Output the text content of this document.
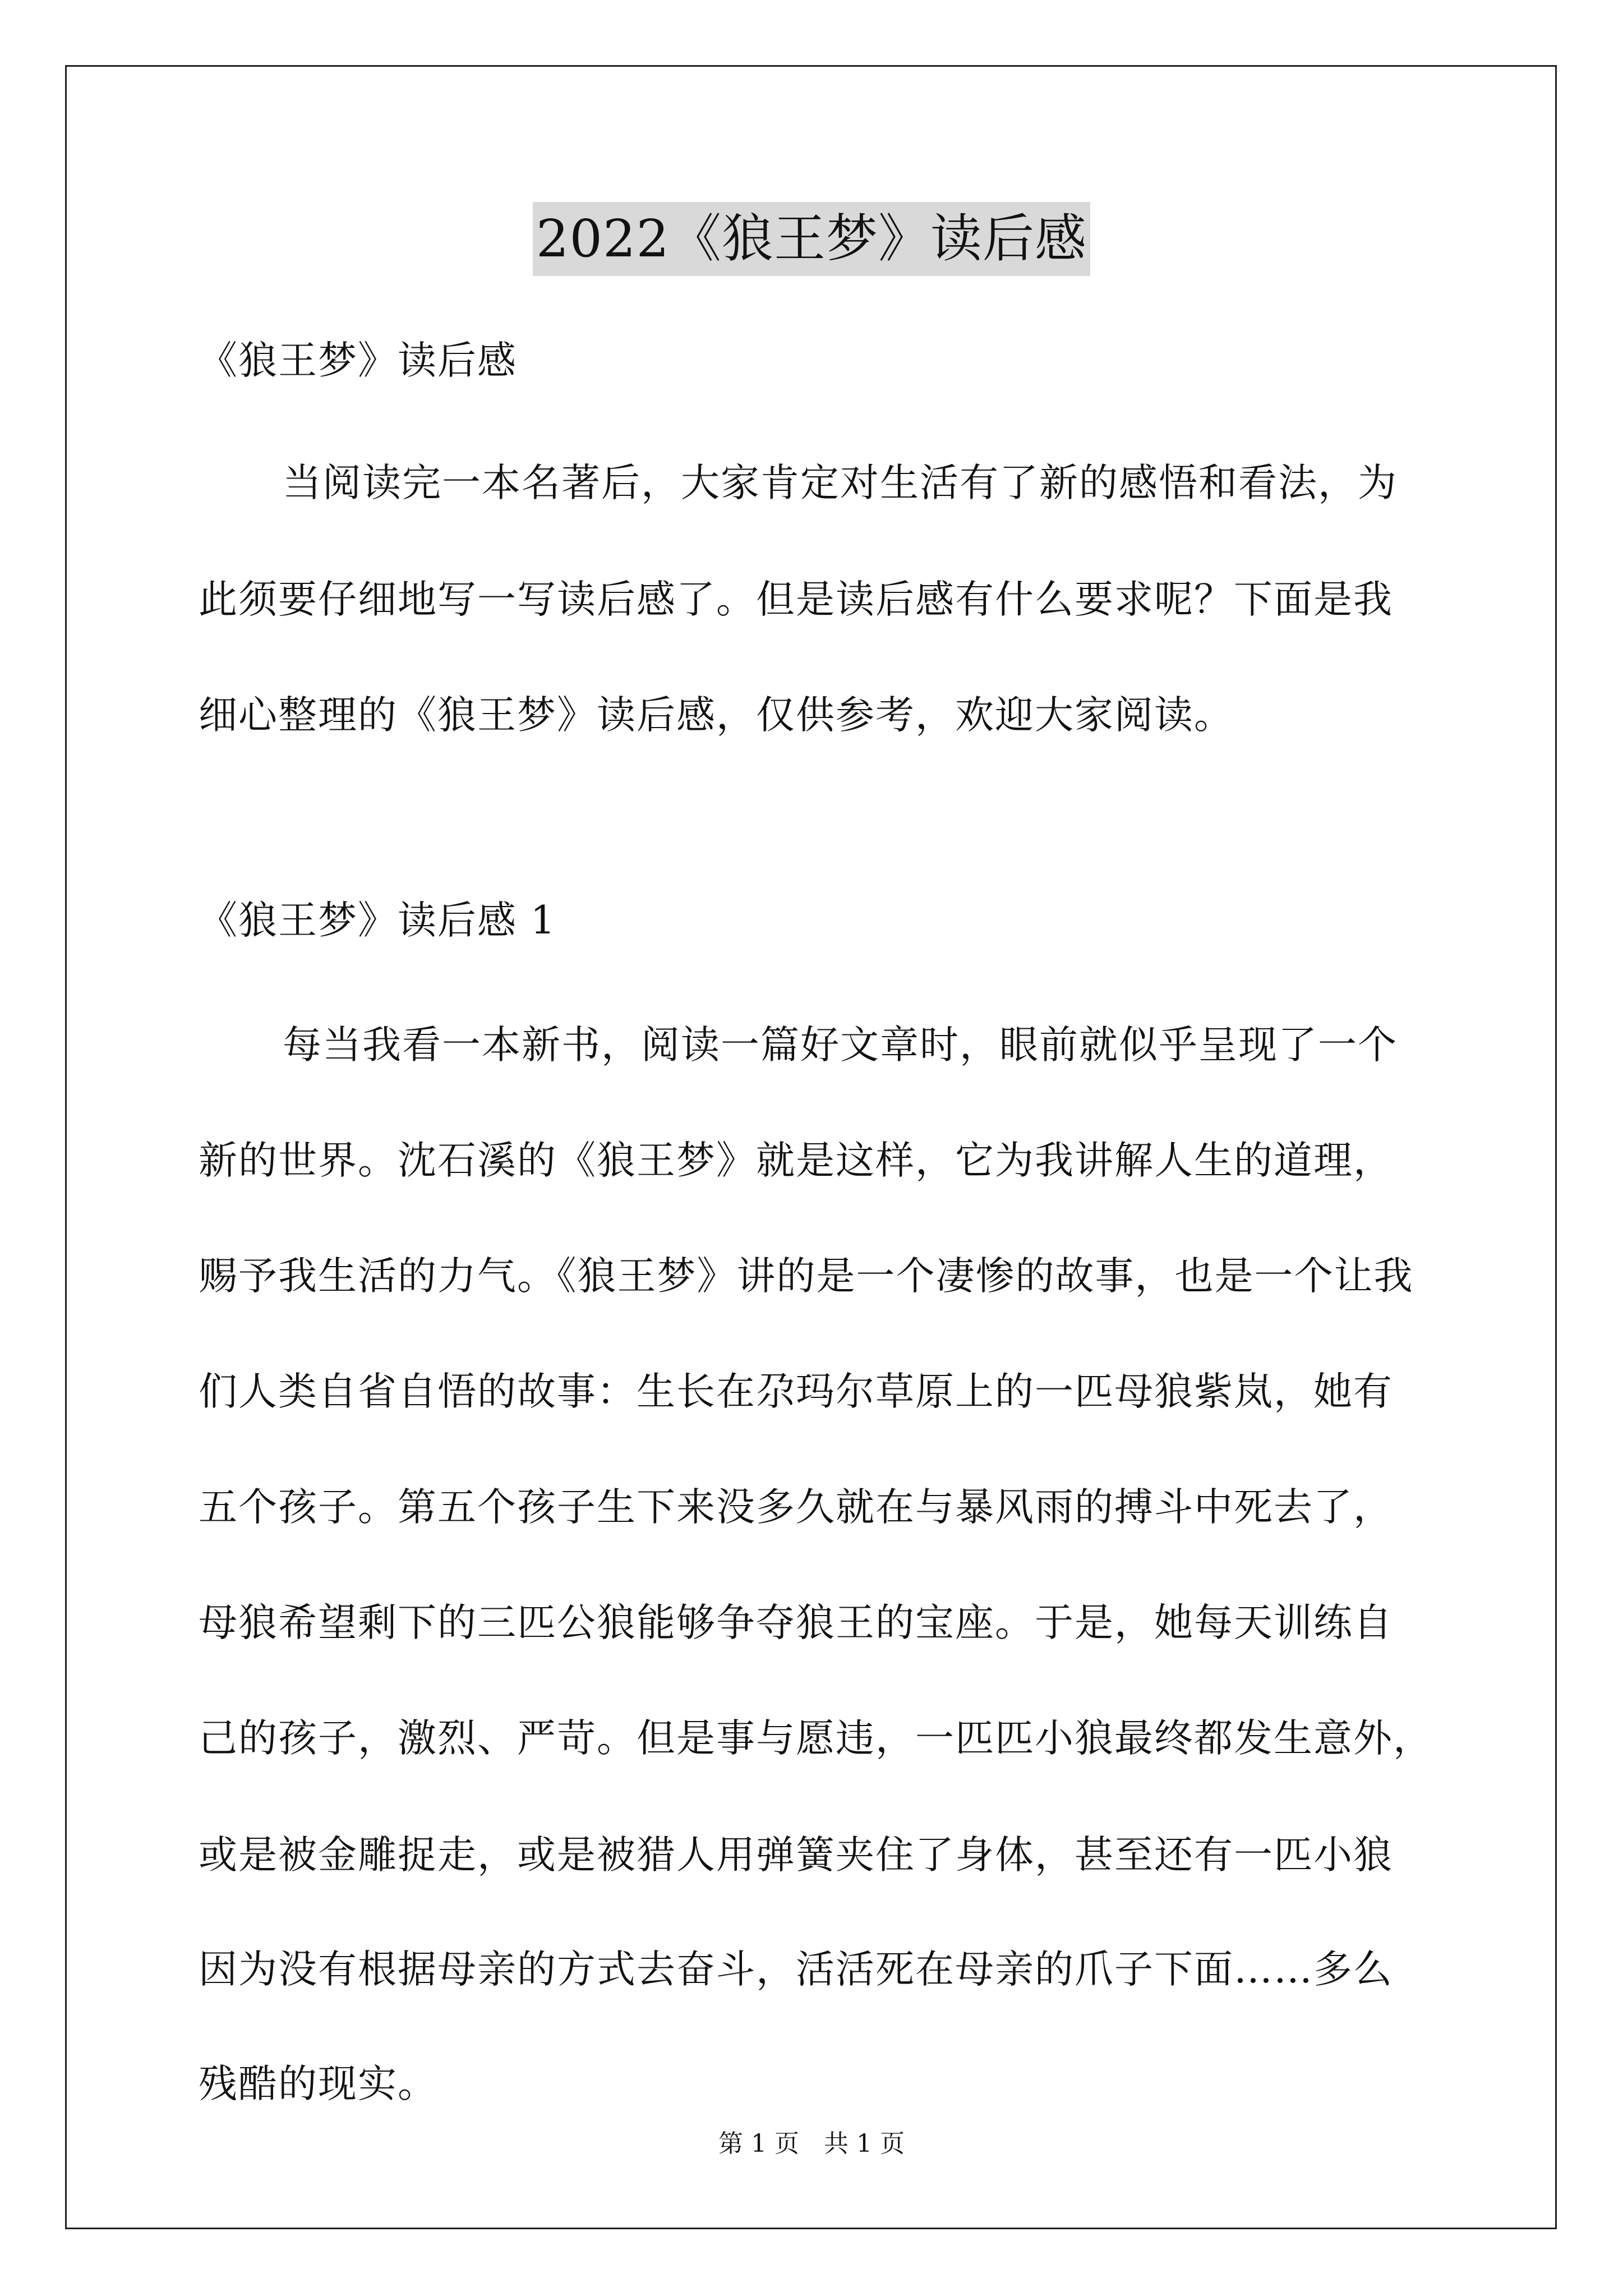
2022《狼王梦》读后感
《狼王梦》读后感
当阅读完一本名著后，大家肯定对生活有了新的感悟和看法，为
此须要仔细地写一写读后感了。但是读后感有什么要求呢？下面是我
细心整理的《狼王梦》读后感，仅供参考，欢迎大家阅读。
《狼王梦》读后感 1
每当我看一本新书，阅读一篇好文章时，眼前就似乎呈现了一个
新的世界。沈石溪的《狼王梦》就是这样，它为我讲解人生的道理，
赐予我生活的力气。《狼王梦》讲的是一个凄惨的故事，也是一个让我
们人类自省自悟的故事：生长在尕玛尔草原上的一匹母狼紫岚，她有
五个孩子。第五个孩子生下来没多久就在与暴风雨的搏斗中死去了，
母狼希望剩下的三匹公狼能够争夺狼王的宝座。于是，她每天训练自
己的孩子，激烈、严苛。但是事与愿违，一匹匹小狼最终都发生意外，
或是被金雕捉走，或是被猎人用弹簧夹住了身体，甚至还有一匹小狼
因为没有根据母亲的方式去奋斗，活活死在母亲的爪子下面……多么
残酷的现实。
第 1 页　共 1 页
